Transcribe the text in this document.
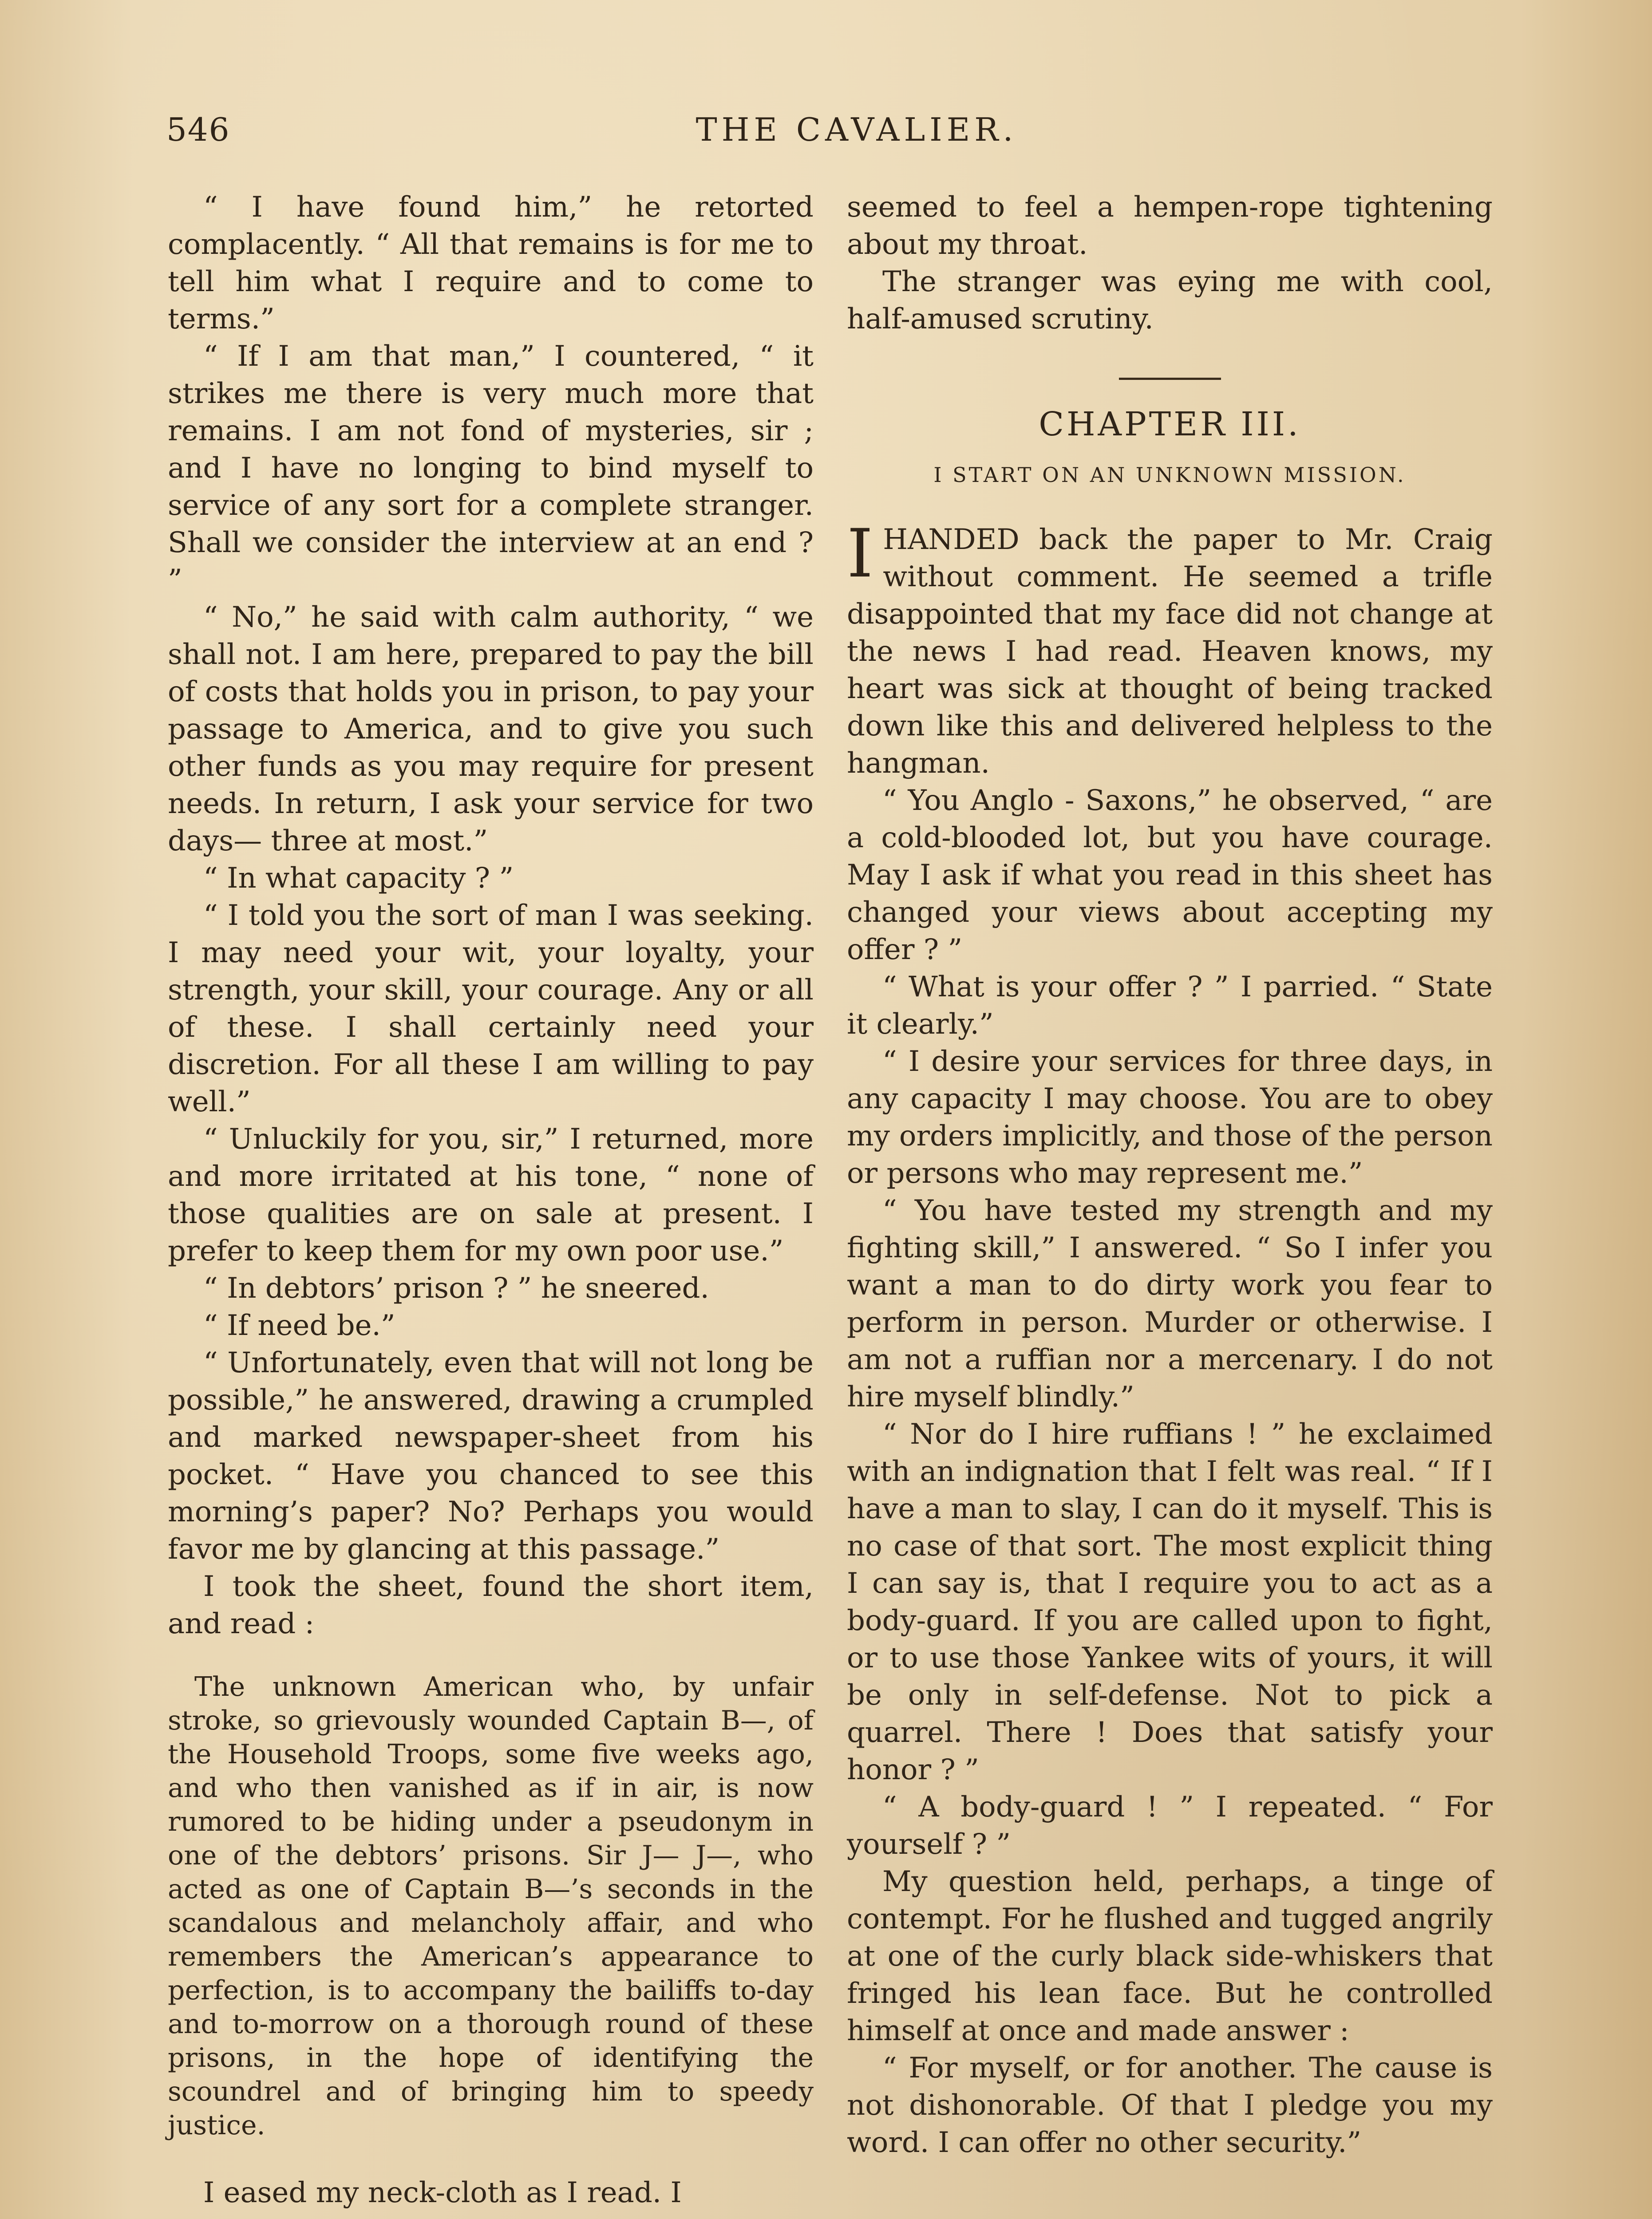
546	THE CAVALIER.

“ I have found him,” he retorted complacently. “ All that remains is for me to tell him what I require and to come to terms.”

“ If I am that man,” I countered, “ it strikes me there is very much more that remains. I am not fond of mysteries, sir ; and I have no longing to bind myself to service of any sort for a complete stranger. Shall we consider the interview at an end ? ”

“ No,” he said with calm authority, “ we shall not. I am here, prepared to pay the bill of costs that holds you in prison, to pay your passage to America, and to give you such other funds as you may require for present needs. In return, I ask your service for two days— three at most.”

“ In what capacity ? ”

“ I told you the sort of man I was seeking. I may need your wit, your loyalty, your strength, your skill, your courage. Any or all of these. I shall certainly need your discretion. For all these I am willing to pay well.”

“ Unluckily for you, sir,” I returned, more and more irritated at his tone, “ none of those qualities are on sale at present. I prefer to keep them for my own poor use.”

“ In debtors’ prison ? ” he sneered.

“ If need be.”

“ Unfortunately, even that will not long be possible,” he answered, drawing a crumpled and marked newspaper-sheet from his pocket. “ Have you chanced to see this morning’s paper? No? Perhaps you would favor me by glancing at this passage.”

I took the sheet, found the short item, and read :

The unknown American who, by unfair stroke, so grievously wounded Captain B—, of the Household Troops, some five weeks ago, and who then vanished as if in air, is now rumored to be hiding under a pseudonym in one of the debtors’ prisons. Sir J— J—, who acted as one of Captain B—’s seconds in the scandalous and melancholy affair, and who remembers the American’s appearance to perfection, is to accompany the bailiffs to-day and to-morrow on a thorough round of these prisons, in the hope of identifying the scoundrel and of bringing him to speedy justice.

I eased my neck-cloth as I read. I

seemed to feel a hempen-rope tightening about my throat.

The stranger was eying me with cool, half-amused scrutiny.

CHAPTER III.
I START ON AN UNKNOWN MISSION.

IHANDED back the paper to Mr. Craig without comment. He seemed a trifle disappointed that my face did not change at the news I had read. Heaven knows, my heart was sick at thought of being tracked down like this and delivered helpless to the hangman.

“ You Anglo - Saxons,” he observed, “ are a cold-blooded lot, but you have courage. May I ask if what you read in this sheet has changed your views about accepting my offer ? ”

“ What is your offer ? ” I parried. “ State it clearly.”

“ I desire your services for three days, in any capacity I may choose. You are to obey my orders implicitly, and those of the person or persons who may represent me.”

“ You have tested my strength and my fighting skill,” I answered. “ So I infer you want a man to do dirty work you fear to perform in person. Murder or otherwise. I am not a ruffian nor a mercenary. I do not hire myself blindly.”

“ Nor do I hire ruffians ! ” he exclaimed with an indignation that I felt was real. “ If I have a man to slay, I can do it myself. This is no case of that sort. The most explicit thing I can say is, that I require you to act as a body-guard. If you are called upon to fight, or to use those Yankee wits of yours, it will be only in self-defense. Not to pick a quarrel. There ! Does that satisfy your honor ? ”

“ A body-guard ! ” I repeated. “ For yourself ? ”

My question held, perhaps, a tinge of contempt. For he flushed and tugged angrily at one of the curly black side-whiskers that fringed his lean face. But he controlled himself at once and made answer :

“ For myself, or for another. The cause is not dishonorable. Of that I pledge you my word. I can offer no other security.”
